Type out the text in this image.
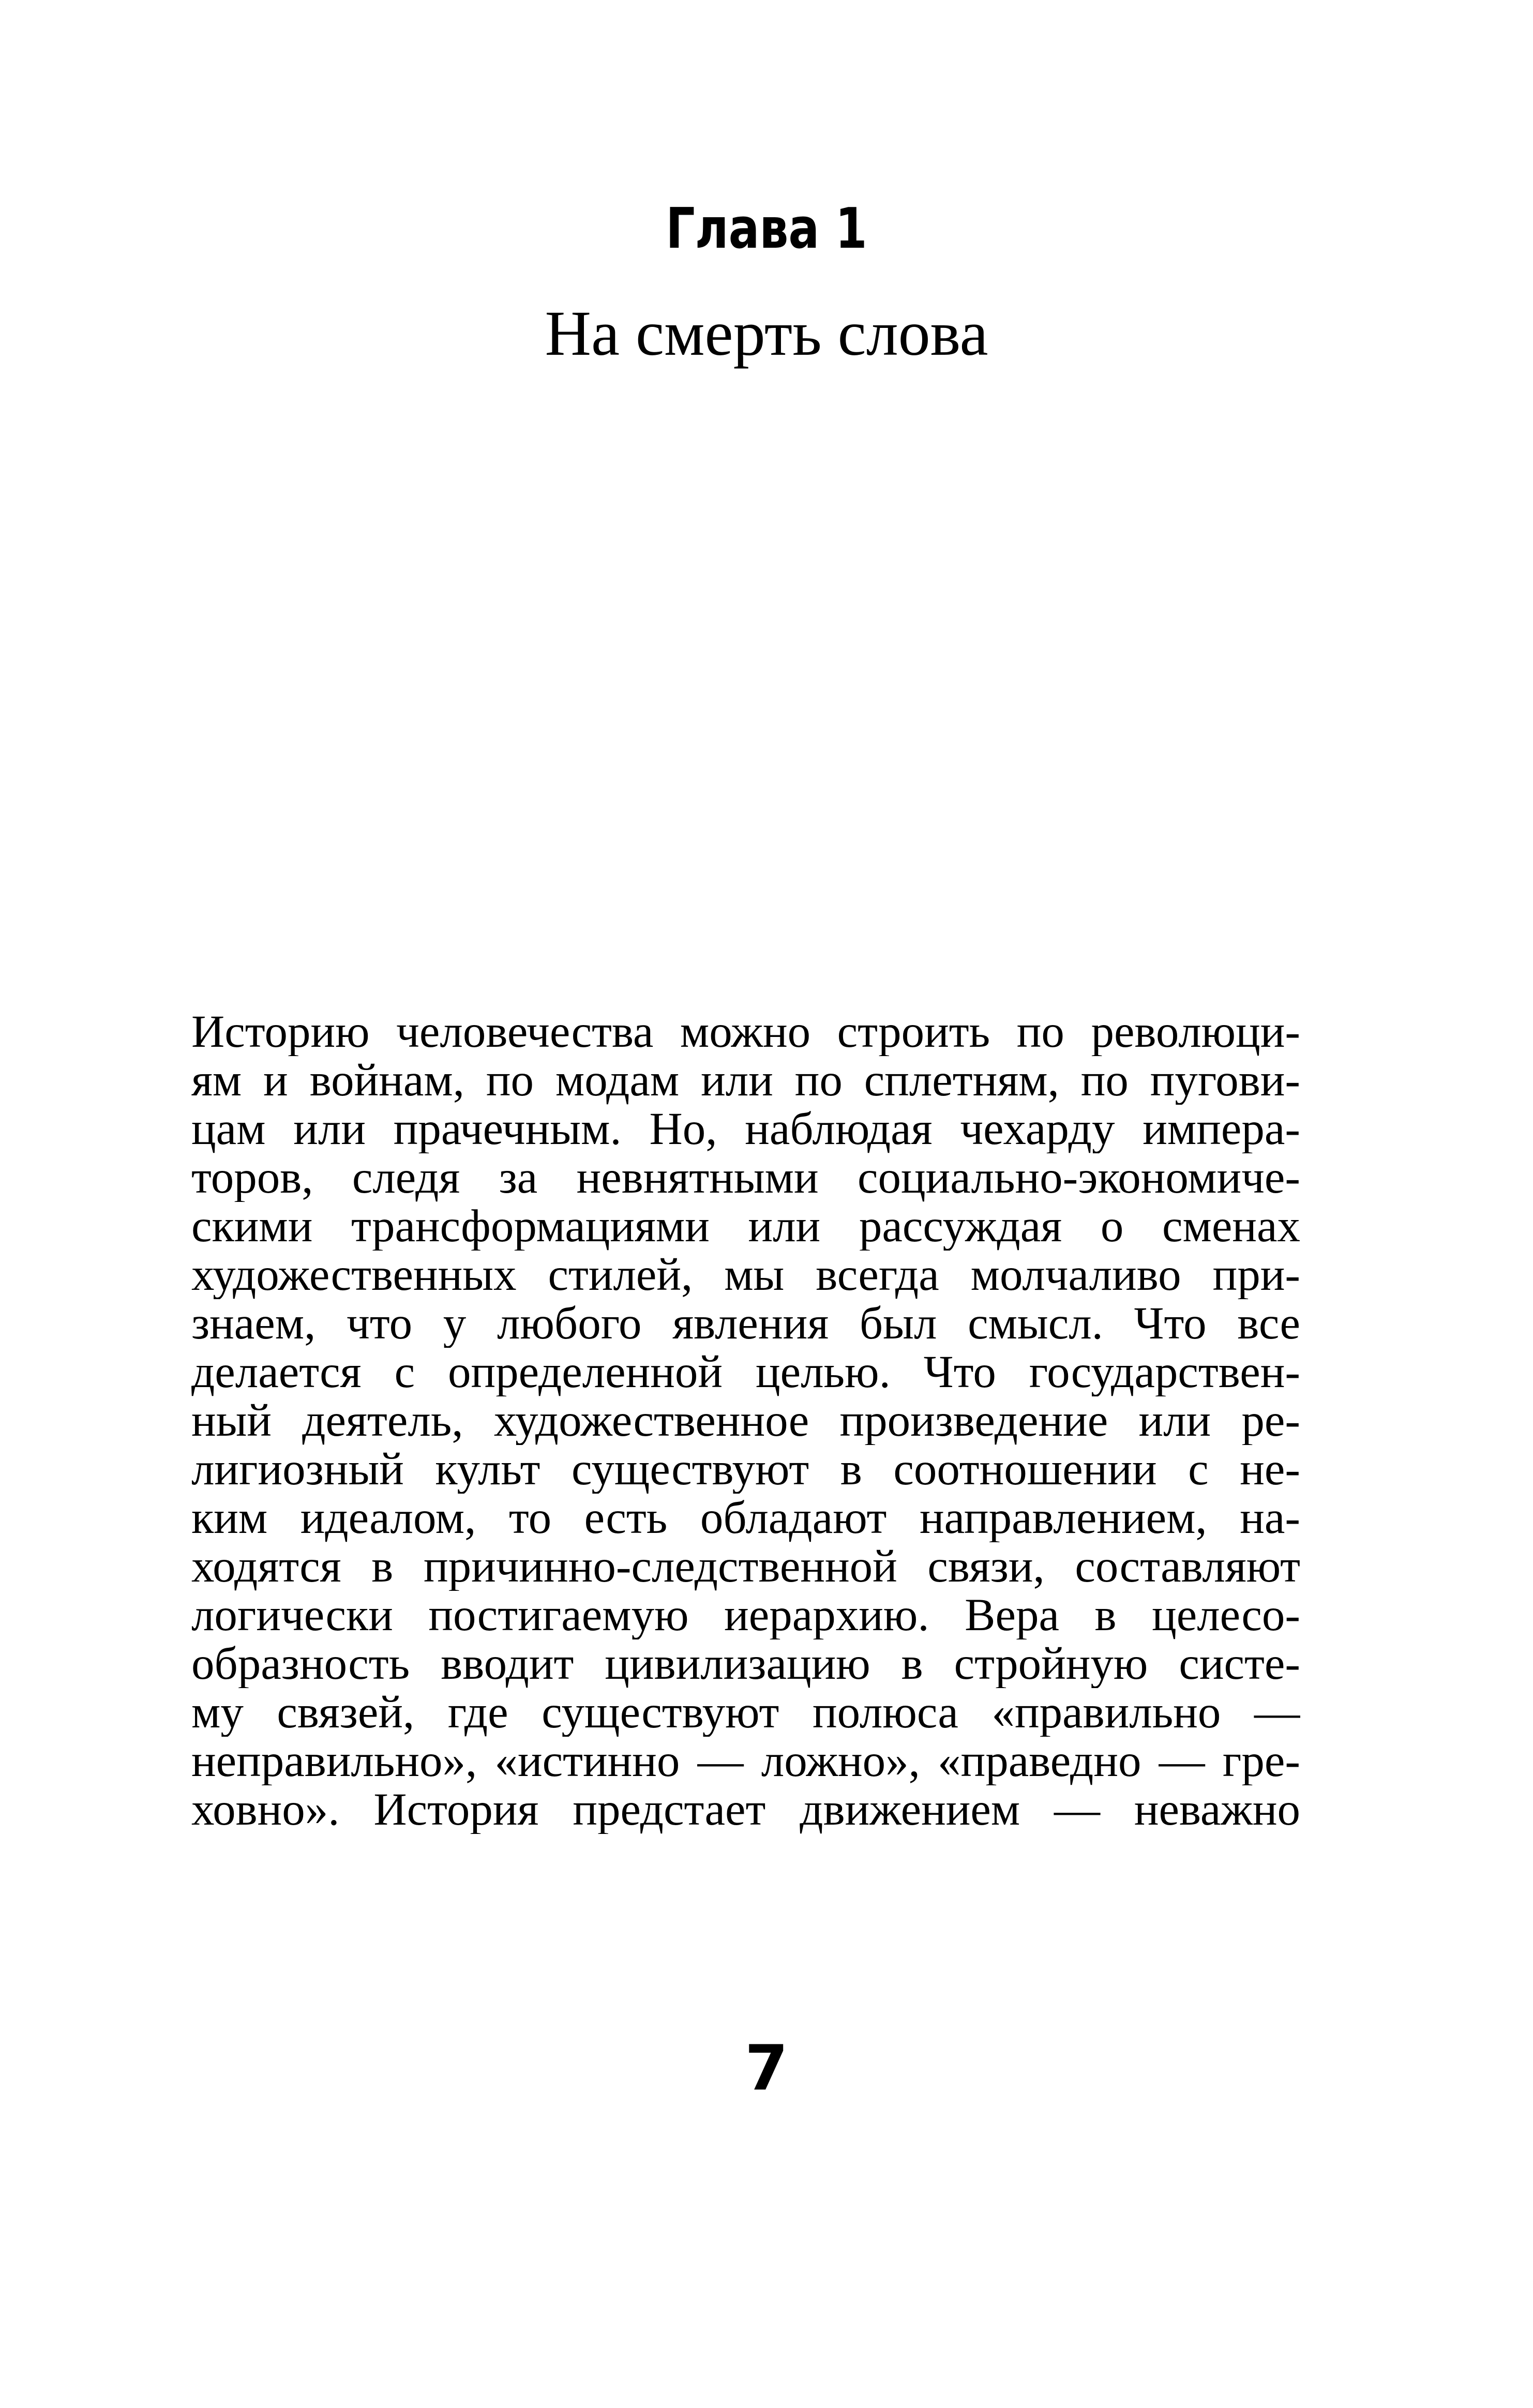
Глава 1
На смерть слова
Историю человечества можно строить по революци-
ям и войнам, по модам или по сплетням, по пугови-
цам или прачечным. Но, наблюдая чехарду импера-
торов, следя за невнятными социально-экономиче-
скими трансформациями или рассуждая о сменах
художественных стилей, мы всегда молчаливо при-
знаем, что у любого явления был смысл. Что все
делается с определенной целью. Что государствен-
ный деятель, художественное произведение или ре-
лигиозный культ существуют в соотношении с не-
ким идеалом, то есть обладают направлением, на-
ходятся в причинно-следственной связи, составляют
логически постигаемую иерархию. Вера в целесо-
образность вводит цивилизацию в стройную систе-
му связей, где существуют полюса «правильно —
неправильно», «истинно — ложно», «праведно — гре-
ховно». История предстает движением — неважно
7
